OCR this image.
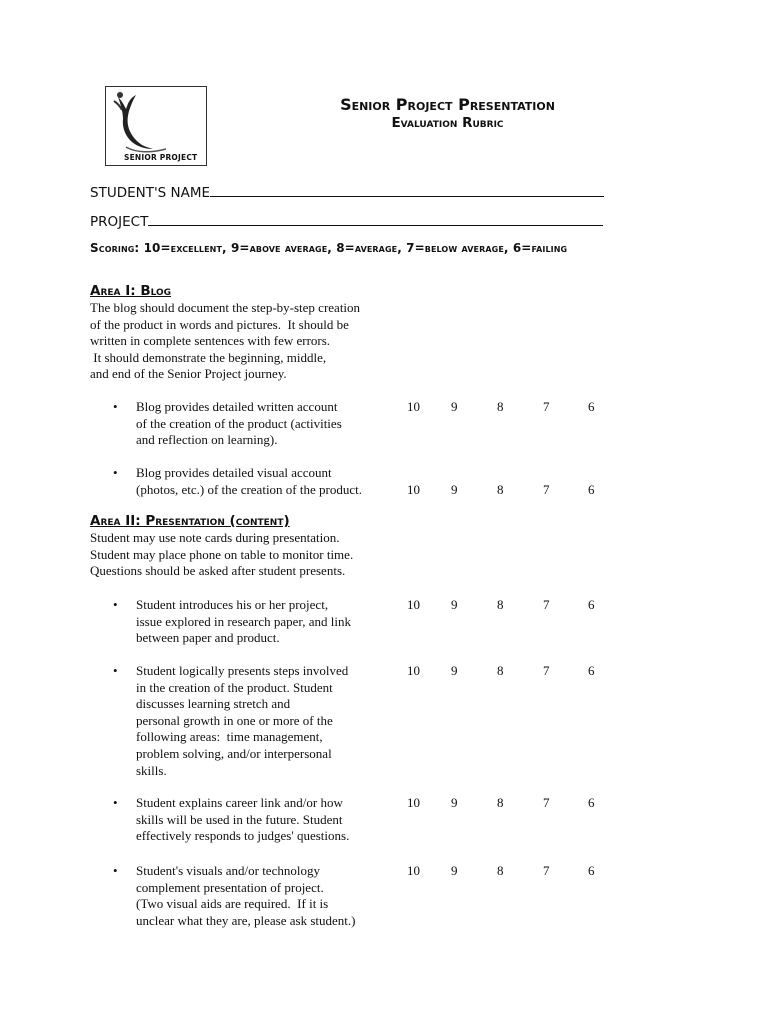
SENIOR PROJECT
Senior Project Presentation
Evaluation Rubric
STUDENT'S NAME
PROJECT
Scoring: 10=excellent, 9=above average, 8=average, 7=below average, 6=failing
Area I: Blog
The blog should document the step-by-step creation
of the product in words and pictures.  It should be
written in complete sentences with few errors.
It should demonstrate the beginning, middle,
and end of the Senior Project journey.
• Blog provides detailed written account
of the creation of the product (activities
and reflection on learning).
10 9	8	7	6
• Blog provides detailed visual account
(photos, etc.) of the creation of the product.	10 9	8	7	6
Area II: Presentation (content)
Student may use note cards during presentation.
Student may place phone on table to monitor time.
Questions should be asked after student presents.
• Student introduces his or her project,
issue explored in research paper, and link
between paper and product.
10 9	8	7	6
• Student logically presents steps involved
in the creation of the product. Student
discusses learning stretch and
personal growth in one or more of the
following areas:  time management,
problem solving, and/or interpersonal
skills.
10 9	8	7	6
• Student explains career link and/or how
skills will be used in the future. Student
effectively responds to judges' questions.
10 9	8	7	6
• Student's visuals and/or technology
complement presentation of project.
(Two visual aids are required.  If it is
unclear what they are, please ask student.)
10 9	8	7	6
